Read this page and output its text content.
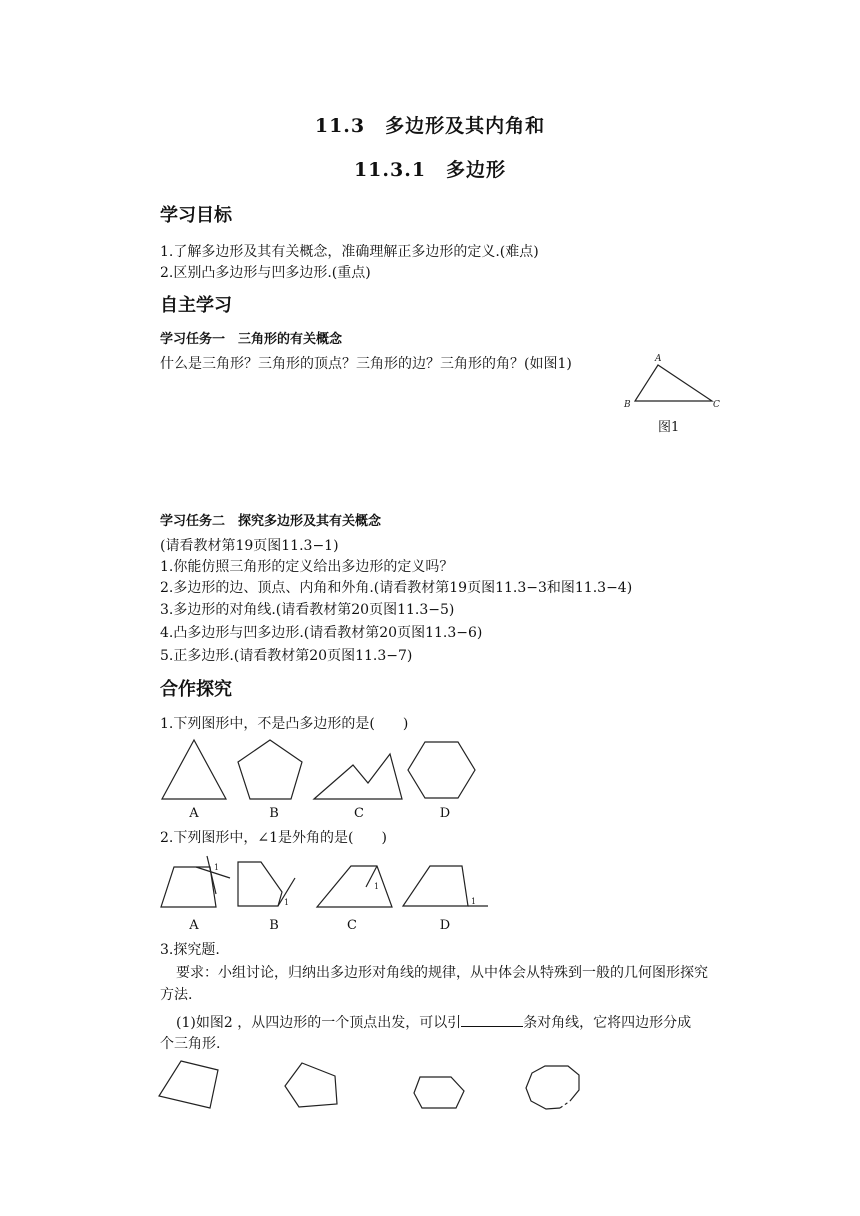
11.3　多边形及其内角和
11.3.1　多边形
学习目标
1.了解多边形及其有关概念，准确理解正多边形的定义.(难点)
2.区别凸多边形与凹多边形.(重点)
自主学习
学习任务一　三角形的有关概念
什么是三角形？三角形的顶点？三角形的边？三角形的角？(如图1)	A
B	C
图1
学习任务二　探究多边形及其有关概念
(请看教材第19页图11.3−1)
1.你能仿照三角形的定义给出多边形的定义吗？
2.多边形的边、顶点、内角和外角.(请看教材第19页图11.3−3和图11.3−4)
3.多边形的对角线.(请看教材第20页图11.3−5)
4.凸多边形与凹多边形.(请看教材第20页图11.3−6)
5.正多边形.(请看教材第20页图11.3−7)
合作探究
1.下列图形中，不是凸多边形的是(　　)
A	B	C	D
2.下列图形中，∠1是外角的是(　　)
1
1
1
1
A	B	C	D
3.探究题.
要求：小组讨论，归纳出多边形对角线的规律，从中体会从特殊到一般的几何图形探究
方法.
(1)如图2 ，从四边形的一个顶点出发，可以引	条对角线，它将四边形分成
个三角形.
